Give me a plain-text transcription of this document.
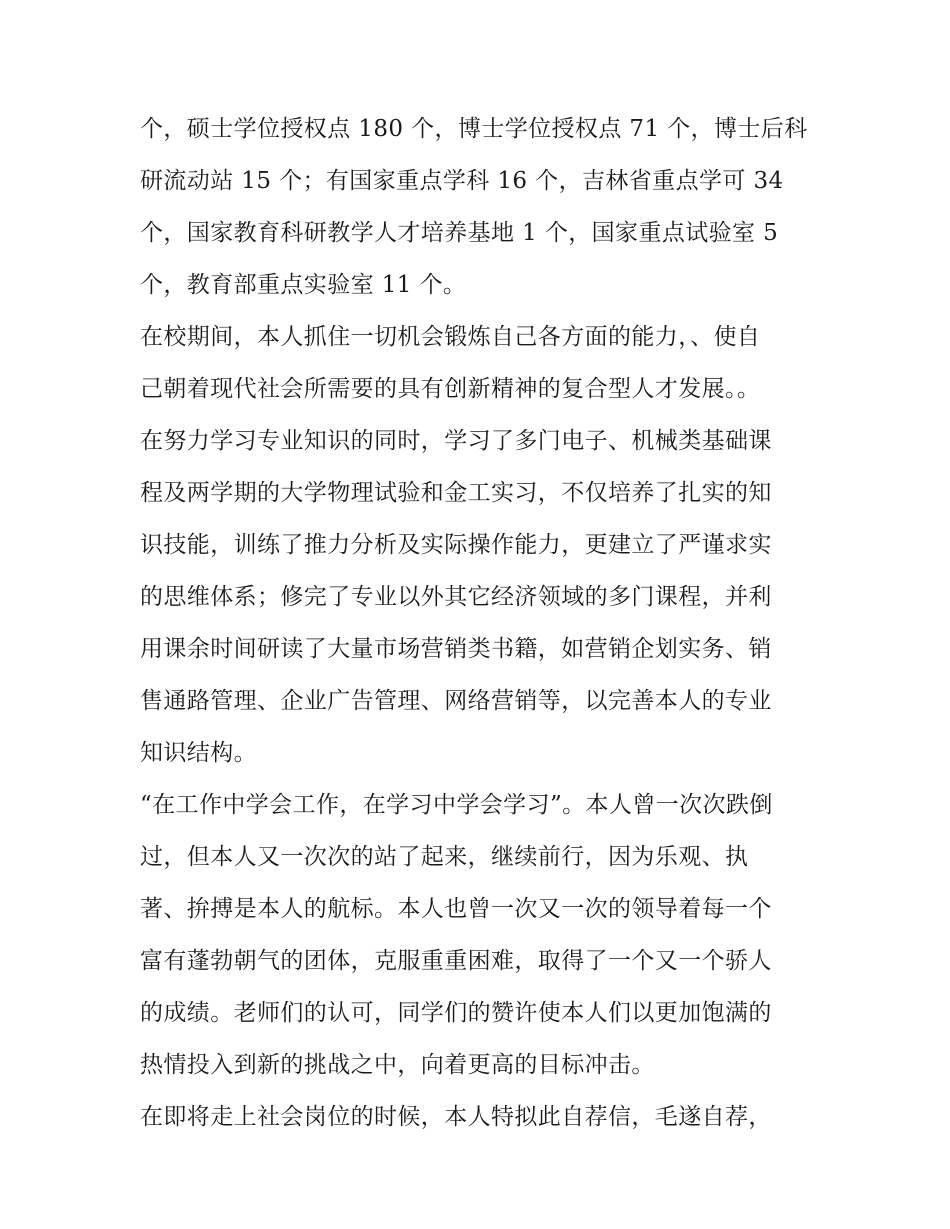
个，硕士学位授权点 180 个，博士学位授权点 71 个，博士后科
研流动站 15 个；有国家重点学科 16 个，吉林省重点学可 34
个，国家教育科研教学人才培养基地 1 个，国家重点试验室 5
个，教育部重点实验室 11 个。
在校期间，本人抓住一切机会锻炼自己各方面的能力，、使自
己朝着现代社会所需要的具有创新精神的复合型人才发展。。
在努力学习专业知识的同时，学习了多门电子、机械类基础课
程及两学期的大学物理试验和金工实习，不仅培养了扎实的知
识技能，训练了推力分析及实际操作能力，更建立了严谨求实
的思维体系；修完了专业以外其它经济领域的多门课程，并利
用课余时间研读了大量市场营销类书籍，如营销企划实务、销
售通路管理、企业广告管理、网络营销等，以完善本人的专业
知识结构。
“在工作中学会工作，在学习中学会学习”。本人曾一次次跌倒
过，但本人又一次次的站了起来，继续前行，因为乐观、执
著、拚搏是本人的航标。本人也曾一次又一次的领导着每一个
富有蓬勃朝气的团体，克服重重困难，取得了一个又一个骄人
的成绩。老师们的认可，同学们的赞许使本人们以更加饱满的
热情投入到新的挑战之中，向着更高的目标冲击。
在即将走上社会岗位的时候，本人特拟此自荐信，毛遂自荐，
